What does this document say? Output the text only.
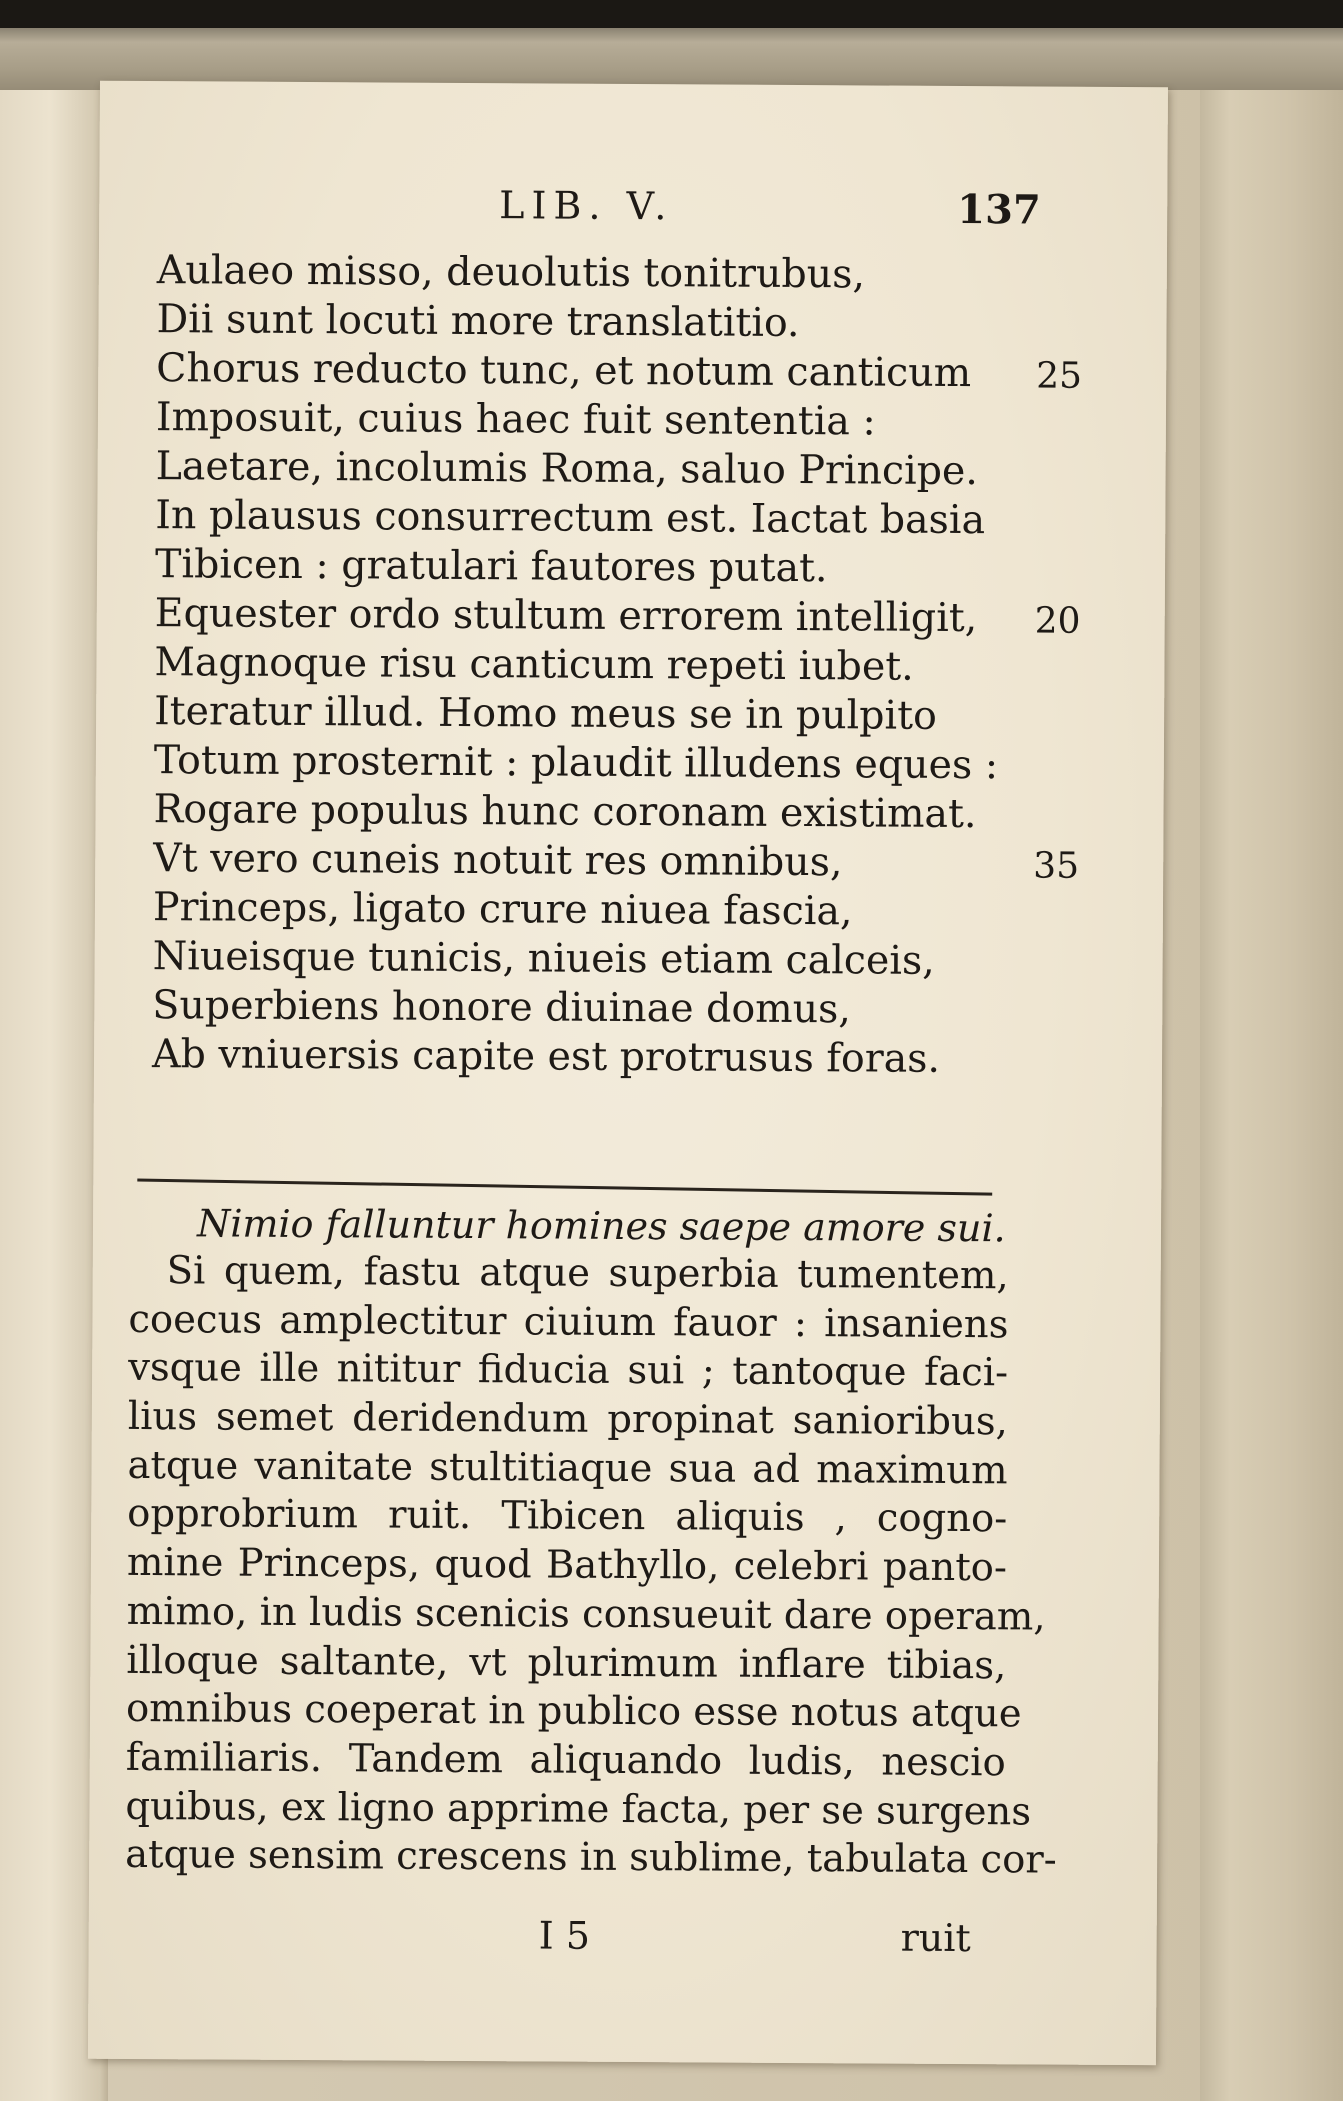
LIB. V.	137
Aulaeo misso, deuolutis tonitrubus,
Dii sunt locuti more translatitio.
Chorus reducto tunc, et notum canticum 25
Imposuit, cuius haec fuit sententia :
Laetare, incolumis Roma, saluo Principe.
In plausus consurrectum est. Iactat basia
Tibicen : gratulari fautores putat.
Equester ordo stultum errorem intelligit, 20
Magnoque risu canticum repeti iubet.
Iteratur illud. Homo meus se in pulpito
Totum prosternit : plaudit illudens eques :
Rogare populus hunc coronam existimat.
Vt vero cuneis notuit res omnibus,	35
Princeps, ligato crure niuea fascia,
Niueisque tunicis, niueis etiam calceis,
Superbiens honore diuinae domus,
Ab vniuersis capite est protrusus foras.
Nimio falluntur homines saepe amore sui.
Si quem, fastu atque superbia tumentem,
coecus amplectitur ciuium fauor : insaniens
vsque ille nititur fiducia sui ; tantoque faci-
lius semet deridendum propinat sanioribus,
atque vanitate stultitiaque sua ad maximum
opprobrium ruit. Tibicen aliquis , cogno-
mine Princeps, quod Bathyllo, celebri panto-
mimo, in ludis scenicis consueuit dare operam,
illoque saltante, vt plurimum inflare tibias,
omnibus coeperat in publico esse notus atque
familiaris. Tandem aliquando ludis, nescio
quibus, ex ligno apprime facta, per se surgens
atque sensim crescens in sublime, tabulata cor-
I 5	ruit
